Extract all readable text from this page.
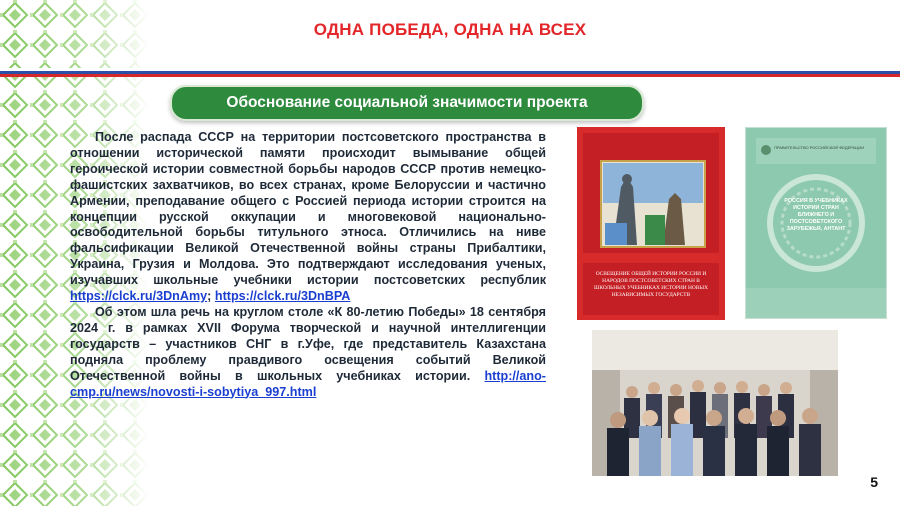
ОДНА ПОБЕДА, ОДНА НА ВСЕХ
Обоснование социальной значимости проекта

После распада СССР на территории постсоветского пространства в отношении исторической памяти происходит вымывание общей героической истории совместной борьбы народов СССР против немецко-фашистских захватчиков, во всех странах, кроме Белоруссии и частично Армении, преподавание общего с Россией периода истории строится на концепции русской оккупации и многовековой национально-освободительной борьбы титульного этноса. Отличились на ниве фальсификации Великой Отечественной войны страны Прибалтики, Украина, Грузия и Молдова. Это подтверждают исследования ученых, изучавших школьные учебники истории постсоветских республик https://clck.ru/3DnAmy; https://clck.ru/3DnBPA

Об этом шла речь на круглом столе «К 80-летию Победы» 18 сентября 2024 г. в рамках XVII Форума творческой и научной интеллигенции государств – участников СНГ в г.Уфе, где представитель Казахстана подняла проблему правдивого освещения событий Великой Отечественной войны в школьных учебниках истории. http://ano-cmp.ru/news/novosti-i-sobytiya_997.html

ОСВЕЩЕНИЕ ОБЩЕЙ ИСТОРИИ РОССИИ И НАРОДОВ ПОСТСОВЕТСКИХ СТРАН В ШКОЛЬНЫХ УЧЕБНИКАХ ИСТОРИИ НОВЫХ НЕЗАВИСИМЫХ ГОСУДАРСТВ
ПРАВИТЕЛЬСТВО РОССИЙСКОЙ ФЕДЕРАЦИИ
РОССИЯ В УЧЕБНИКАХ ИСТОРИИ СТРАН БЛИЖНЕГО И ПОСТСОВЕТСКОГО ЗАРУБЕЖЬЯ, АНТАНТ
5
